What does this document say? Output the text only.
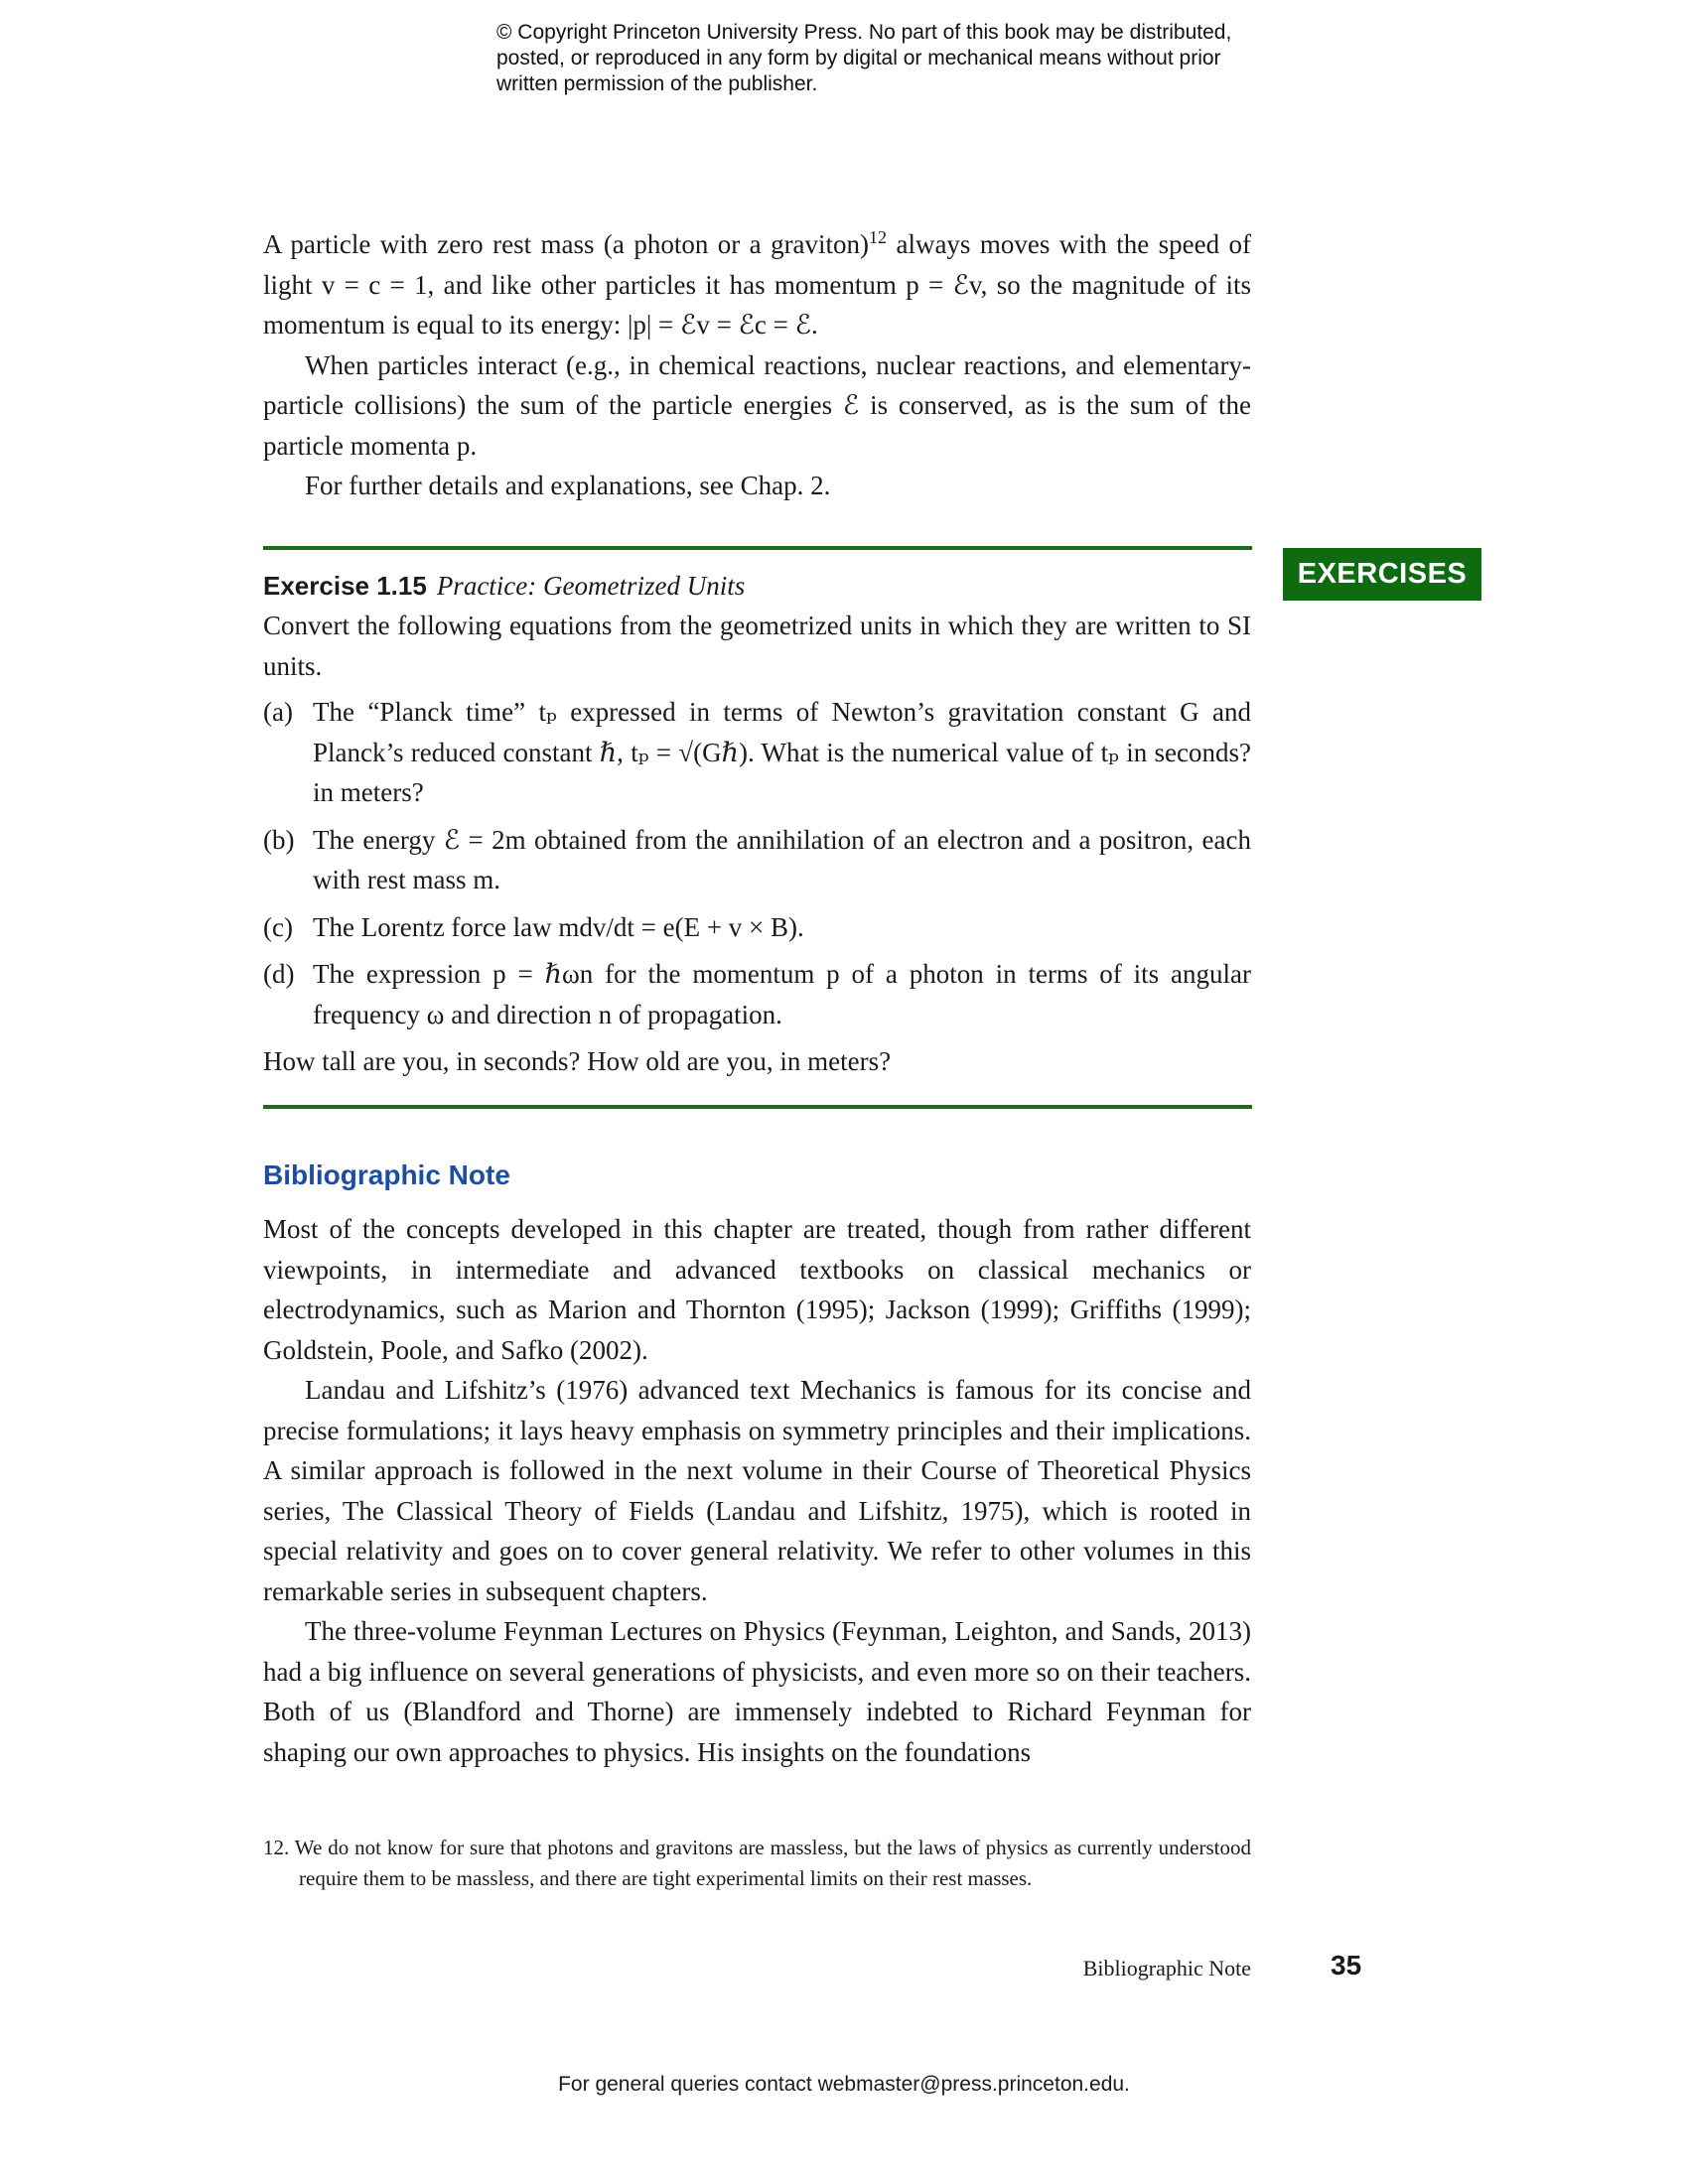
© Copyright Princeton University Press. No part of this book may be distributed, posted, or reproduced in any form by digital or mechanical means without prior written permission of the publisher.

A particle with zero rest mass (a photon or a graviton)$^{12}$ always moves with the speed of light v = c = 1, and like other particles it has momentum p = ℰv, so the magnitude of its momentum is equal to its energy: |p| = ℰv = ℰc = ℰ.

When particles interact (e.g., in chemical reactions, nuclear reactions, and elementary-particle collisions) the sum of the particle energies ℰ is conserved, as is the sum of the particle momenta p.

For further details and explanations, see Chap. 2.

EXERCISES
Exercise 1.15 Practice: Geometrized Units

Convert the following equations from the geometrized units in which they are written to SI units.

(a) The “Planck time” tₚ expressed in terms of Newton’s gravitation constant G and Planck’s reduced constant ℏ, tₚ = √(Gℏ). What is the numerical value of tₚ in seconds? in meters?
(b) The energy ℰ = 2m obtained from the annihilation of an electron and a positron, each with rest mass m.
(c) The Lorentz force law mdv/dt = e(E + v × B).
(d) The expression p = ℏωn for the momentum p of a photon in terms of its angular frequency ω and direction n of propagation.

How tall are you, in seconds? How old are you, in meters?

Bibliographic Note

Most of the concepts developed in this chapter are treated, though from rather different viewpoints, in intermediate and advanced textbooks on classical mechanics or electrodynamics, such as Marion and Thornton (1995); Jackson (1999); Griffiths (1999); Goldstein, Poole, and Safko (2002).

Landau and Lifshitz’s (1976) advanced text Mechanics is famous for its concise and precise formulations; it lays heavy emphasis on symmetry principles and their implications. A similar approach is followed in the next volume in their Course of Theoretical Physics series, The Classical Theory of Fields (Landau and Lifshitz, 1975), which is rooted in special relativity and goes on to cover general relativity. We refer to other volumes in this remarkable series in subsequent chapters.

The three-volume Feynman Lectures on Physics (Feynman, Leighton, and Sands, 2013) had a big influence on several generations of physicists, and even more so on their teachers. Both of us (Blandford and Thorne) are immensely indebted to Richard Feynman for shaping our own approaches to physics. His insights on the foundations

12. We do not know for sure that photons and gravitons are massless, but the laws of physics as currently understood require them to be massless, and there are tight experimental limits on their rest masses.
Bibliographic Note	35
For general queries contact webmaster@press.princeton.edu.
